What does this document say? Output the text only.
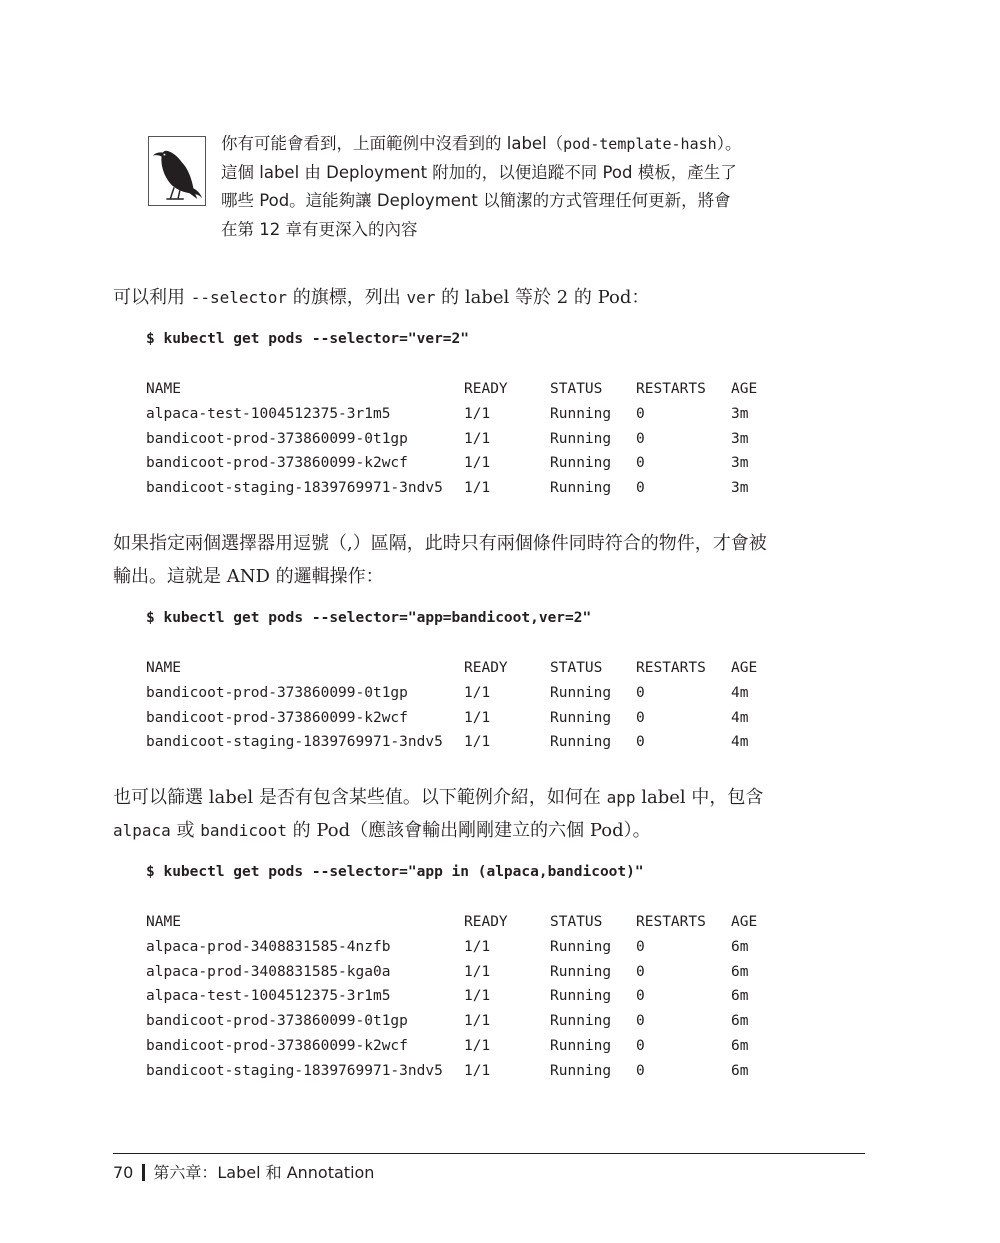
你有可能會看到，上面範例中沒看到的 label（pod-template-hash）。
這個 label 由 Deployment 附加的，以便追蹤不同 Pod 模板，產生了
哪些 Pod。這能夠讓 Deployment 以簡潔的方式管理任何更新，將會
在第 12 章有更深入的內容
可以利用 --selector 的旗標，列出 ver 的 label 等於 2 的 Pod：
$ kubectl get pods --selector="ver=2"
NAME	READY	STATUS	RESTARTS	AGE
alpaca-test-1004512375-3r1m5	1/1	Running	0	3m
bandicoot-prod-373860099-0t1gp	1/1	Running	0	3m
bandicoot-prod-373860099-k2wcf	1/1	Running	0	3m
bandicoot-staging-1839769971-3ndv5	1/1	Running	0	3m
如果指定兩個選擇器用逗號（,）區隔，此時只有兩個條件同時符合的物件，才會被
輸出。這就是 AND 的邏輯操作：
$ kubectl get pods --selector="app=bandicoot,ver=2"
NAME	READY	STATUS	RESTARTS	AGE
bandicoot-prod-373860099-0t1gp	1/1	Running	0	4m
bandicoot-prod-373860099-k2wcf	1/1	Running	0	4m
bandicoot-staging-1839769971-3ndv5	1/1	Running	0	4m
也可以篩選 label 是否有包含某些值。以下範例介紹，如何在 app label 中，包含
alpaca 或 bandicoot 的 Pod（應該會輸出剛剛建立的六個 Pod）。
$ kubectl get pods --selector="app in (alpaca,bandicoot)"
NAME	READY	STATUS	RESTARTS	AGE
alpaca-prod-3408831585-4nzfb	1/1	Running	0	6m
alpaca-prod-3408831585-kga0a	1/1	Running	0	6m
alpaca-test-1004512375-3r1m5	1/1	Running	0	6m
bandicoot-prod-373860099-0t1gp	1/1	Running	0	6m
bandicoot-prod-373860099-k2wcf	1/1	Running	0	6m
bandicoot-staging-1839769971-3ndv5	1/1	Running	0	6m
70 第六章：Label 和 Annotation
